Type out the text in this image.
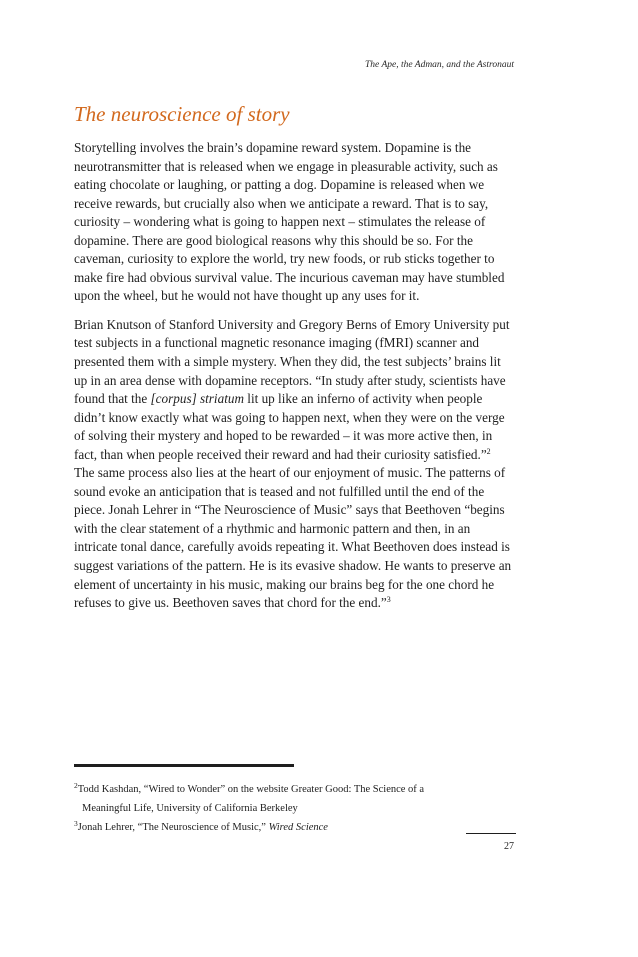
The Ape, the Adman, and the Astronaut
The neuroscience of story

Storytelling involves the brain’s dopamine reward system. Dopamine is the neurotransmitter that is released when we engage in pleasurable activity, such as eating chocolate or laughing, or patting a dog. Dopamine is released when we receive rewards, but crucially also when we anticipate a reward. That is to say, curiosity – wondering what is going to happen next – stimulates the release of dopamine. There are good biological reasons why this should be so. For the caveman, curiosity to explore the world, try new foods, or rub sticks together to make fire had obvious survival value. The incurious caveman may have stumbled upon the wheel, but he would not have thought up any uses for it.

Brian Knutson of Stanford University and Gregory Berns of Emory University put test subjects in a functional magnetic resonance imaging (fMRI) scanner and presented them with a simple mystery. When they did, the test subjects’ brains lit up in an area dense with dopamine receptors. “In study after study, scientists have found that the [corpus] striatum lit up like an inferno of activity when people didn’t know exactly what was going to happen next, when they were on the verge of solving their mystery and hoped to be rewarded – it was more active then, in fact, than when people received their reward and had their curiosity satisfied.”$^2$
The same process also lies at the heart of our enjoyment of music. The patterns of sound evoke an anticipation that is teased and not fulfilled until the end of the piece. Jonah Lehrer in “The Neuroscience of Music” says that Beethoven “begins with the clear statement of a rhythmic and harmonic pattern and then, in an intricate tonal dance, carefully avoids repeating it. What Beethoven does instead is suggest variations of the pattern. He is its evasive shadow. He wants to preserve an element of uncertainty in his music, making our brains beg for the one chord he refuses to give us. Beethoven saves that chord for the end.”$^3$

$^2$Todd Kashdan, “Wired to Wonder” on the website Greater Good: The Science of a

Meaningful Life, University of California Berkeley

$^3$Jonah Lehrer, “The Neuroscience of Music,” Wired Science

27
